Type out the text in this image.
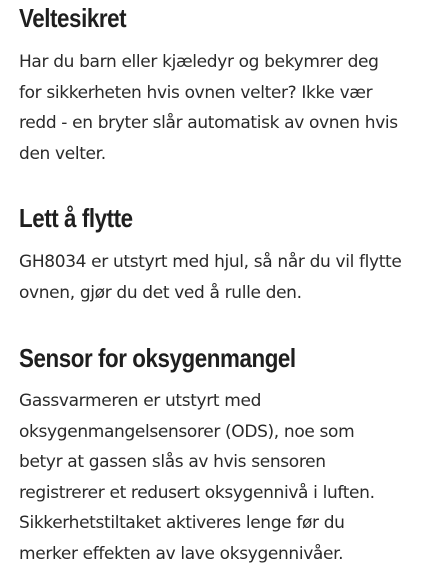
Veltesikret

Har du barn eller kjæledyr og bekymrer deg
for sikkerheten hvis ovnen velter? Ikke vær
redd - en bryter slår automatisk av ovnen hvis
den velter.

Lett å flytte

GH8034 er utstyrt med hjul, så når du vil flytte
ovnen, gjør du det ved å rulle den.

Sensor for oksygenmangel

Gassvarmeren er utstyrt med
oksygenmangelsensorer (ODS), noe som
betyr at gassen slås av hvis sensoren
registrerer et redusert oksygennivå i luften.
Sikkerhetstiltaket aktiveres lenge før du
merker effekten av lave oksygennivåer.
